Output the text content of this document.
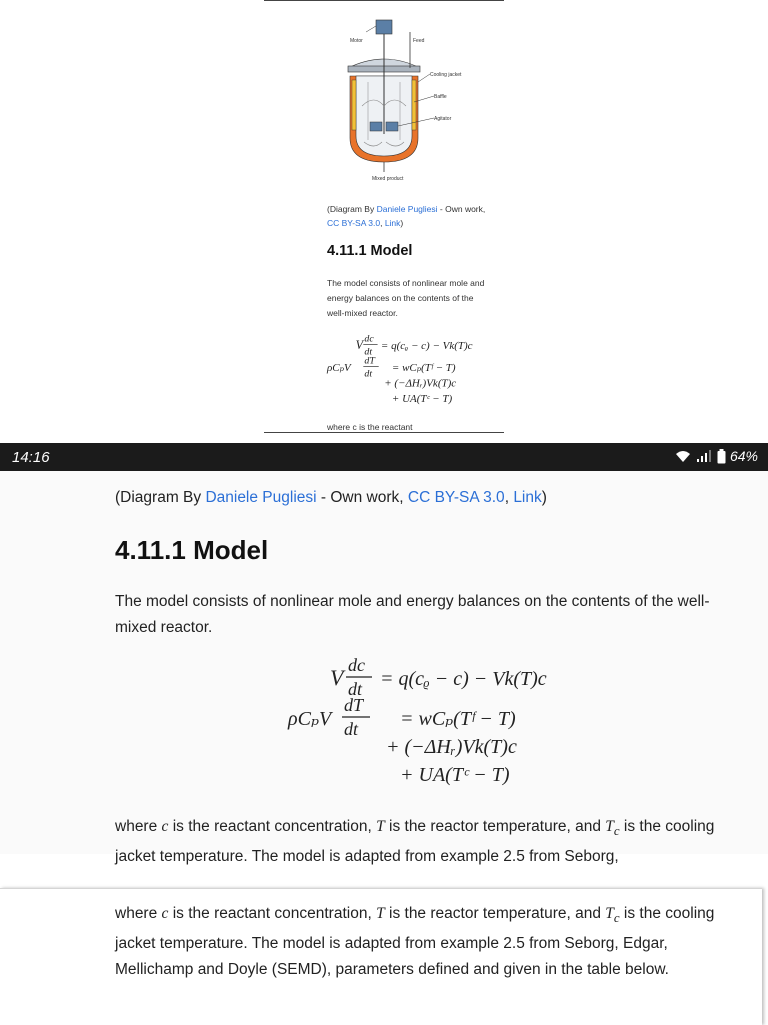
Motor	Feed
Cooling jacket
Baffle
Agitator
Mixed product
(Diagram By Daniele Pugliesi - Own work, CC BY-SA 3.0, Link)
4.11.1 Model
The model consists of nonlinear mole and energy balances on the contents of the well-mixed reactor.
V dc
dt = q(cᵨ − c) − Vk(T)c
ρCₚV
dT
dt = wCₚ(Tᶠ − T)
+ (−ΔHᵣ)Vk(T)c
+ UA(Tᶜ − T)
where c is the reactant
14:16	64%
(Diagram By Daniele Pugliesi - Own work, CC BY-SA 3.0, Link)
4.11.1 Model
The model consists of nonlinear mole and energy balances on the contents of the well-mixed reactor.
V dc
dt = q(cᵨ − c) − Vk(T)c
ρCₚV
dT
dt = wCₚ(Tᶠ − T)
+ (−ΔHᵣ)Vk(T)c
+ UA(Tᶜ − T)
where c is the reactant concentration, T is the reactor temperature, and $T_c$ is the cooling jacket temperature. The model is adapted from example 2.5 from Seborg,
where c is the reactant concentration, T is the reactor temperature, and $T_c$ is the cooling jacket temperature. The model is adapted from example 2.5 from Seborg, Edgar, Mellichamp and Doyle (SEMD), parameters defined and given in the table below.
